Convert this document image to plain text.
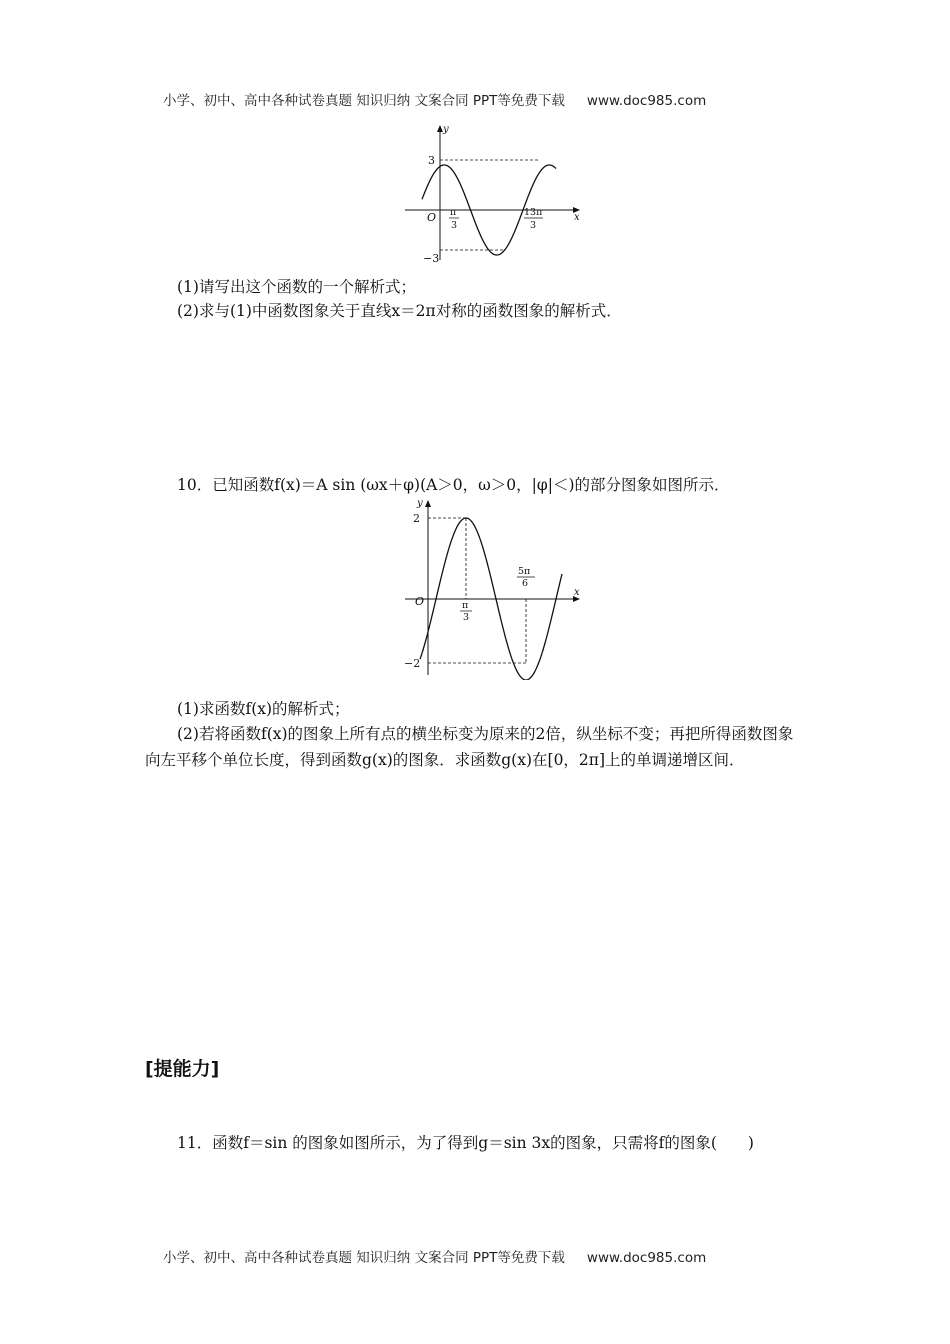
小学、初中、高中各种试卷真题 知识归纳 文案合同 PPT等免费下载 www.doc985.com
y
x
O
3
−3
π
3
13π
3
(1)请写出这个函数的一个解析式；
(2)求与(1)中函数图象关于直线x＝2π对称的函数图象的解析式．
10．已知函数f(x)＝A sin (ωx＋φ)(A＞0，ω＞0，|φ|＜)的部分图象如图所示．
y
x
O
2
−2
π
3
5π
6
(1)求函数f(x)的解析式；
(2)若将函数f(x)的图象上所有点的横坐标变为原来的2倍，纵坐标不变；再把所得函数图象向左平移个单位长度，得到函数g(x)的图象．求函数g(x)在[0，2π]上的单调递增区间．
[提能力]
11．函数f＝sin 的图象如图所示，为了得到g＝sin 3x的图象，只需将f的图象(　　)
小学、初中、高中各种试卷真题 知识归纳 文案合同 PPT等免费下载 www.doc985.com
